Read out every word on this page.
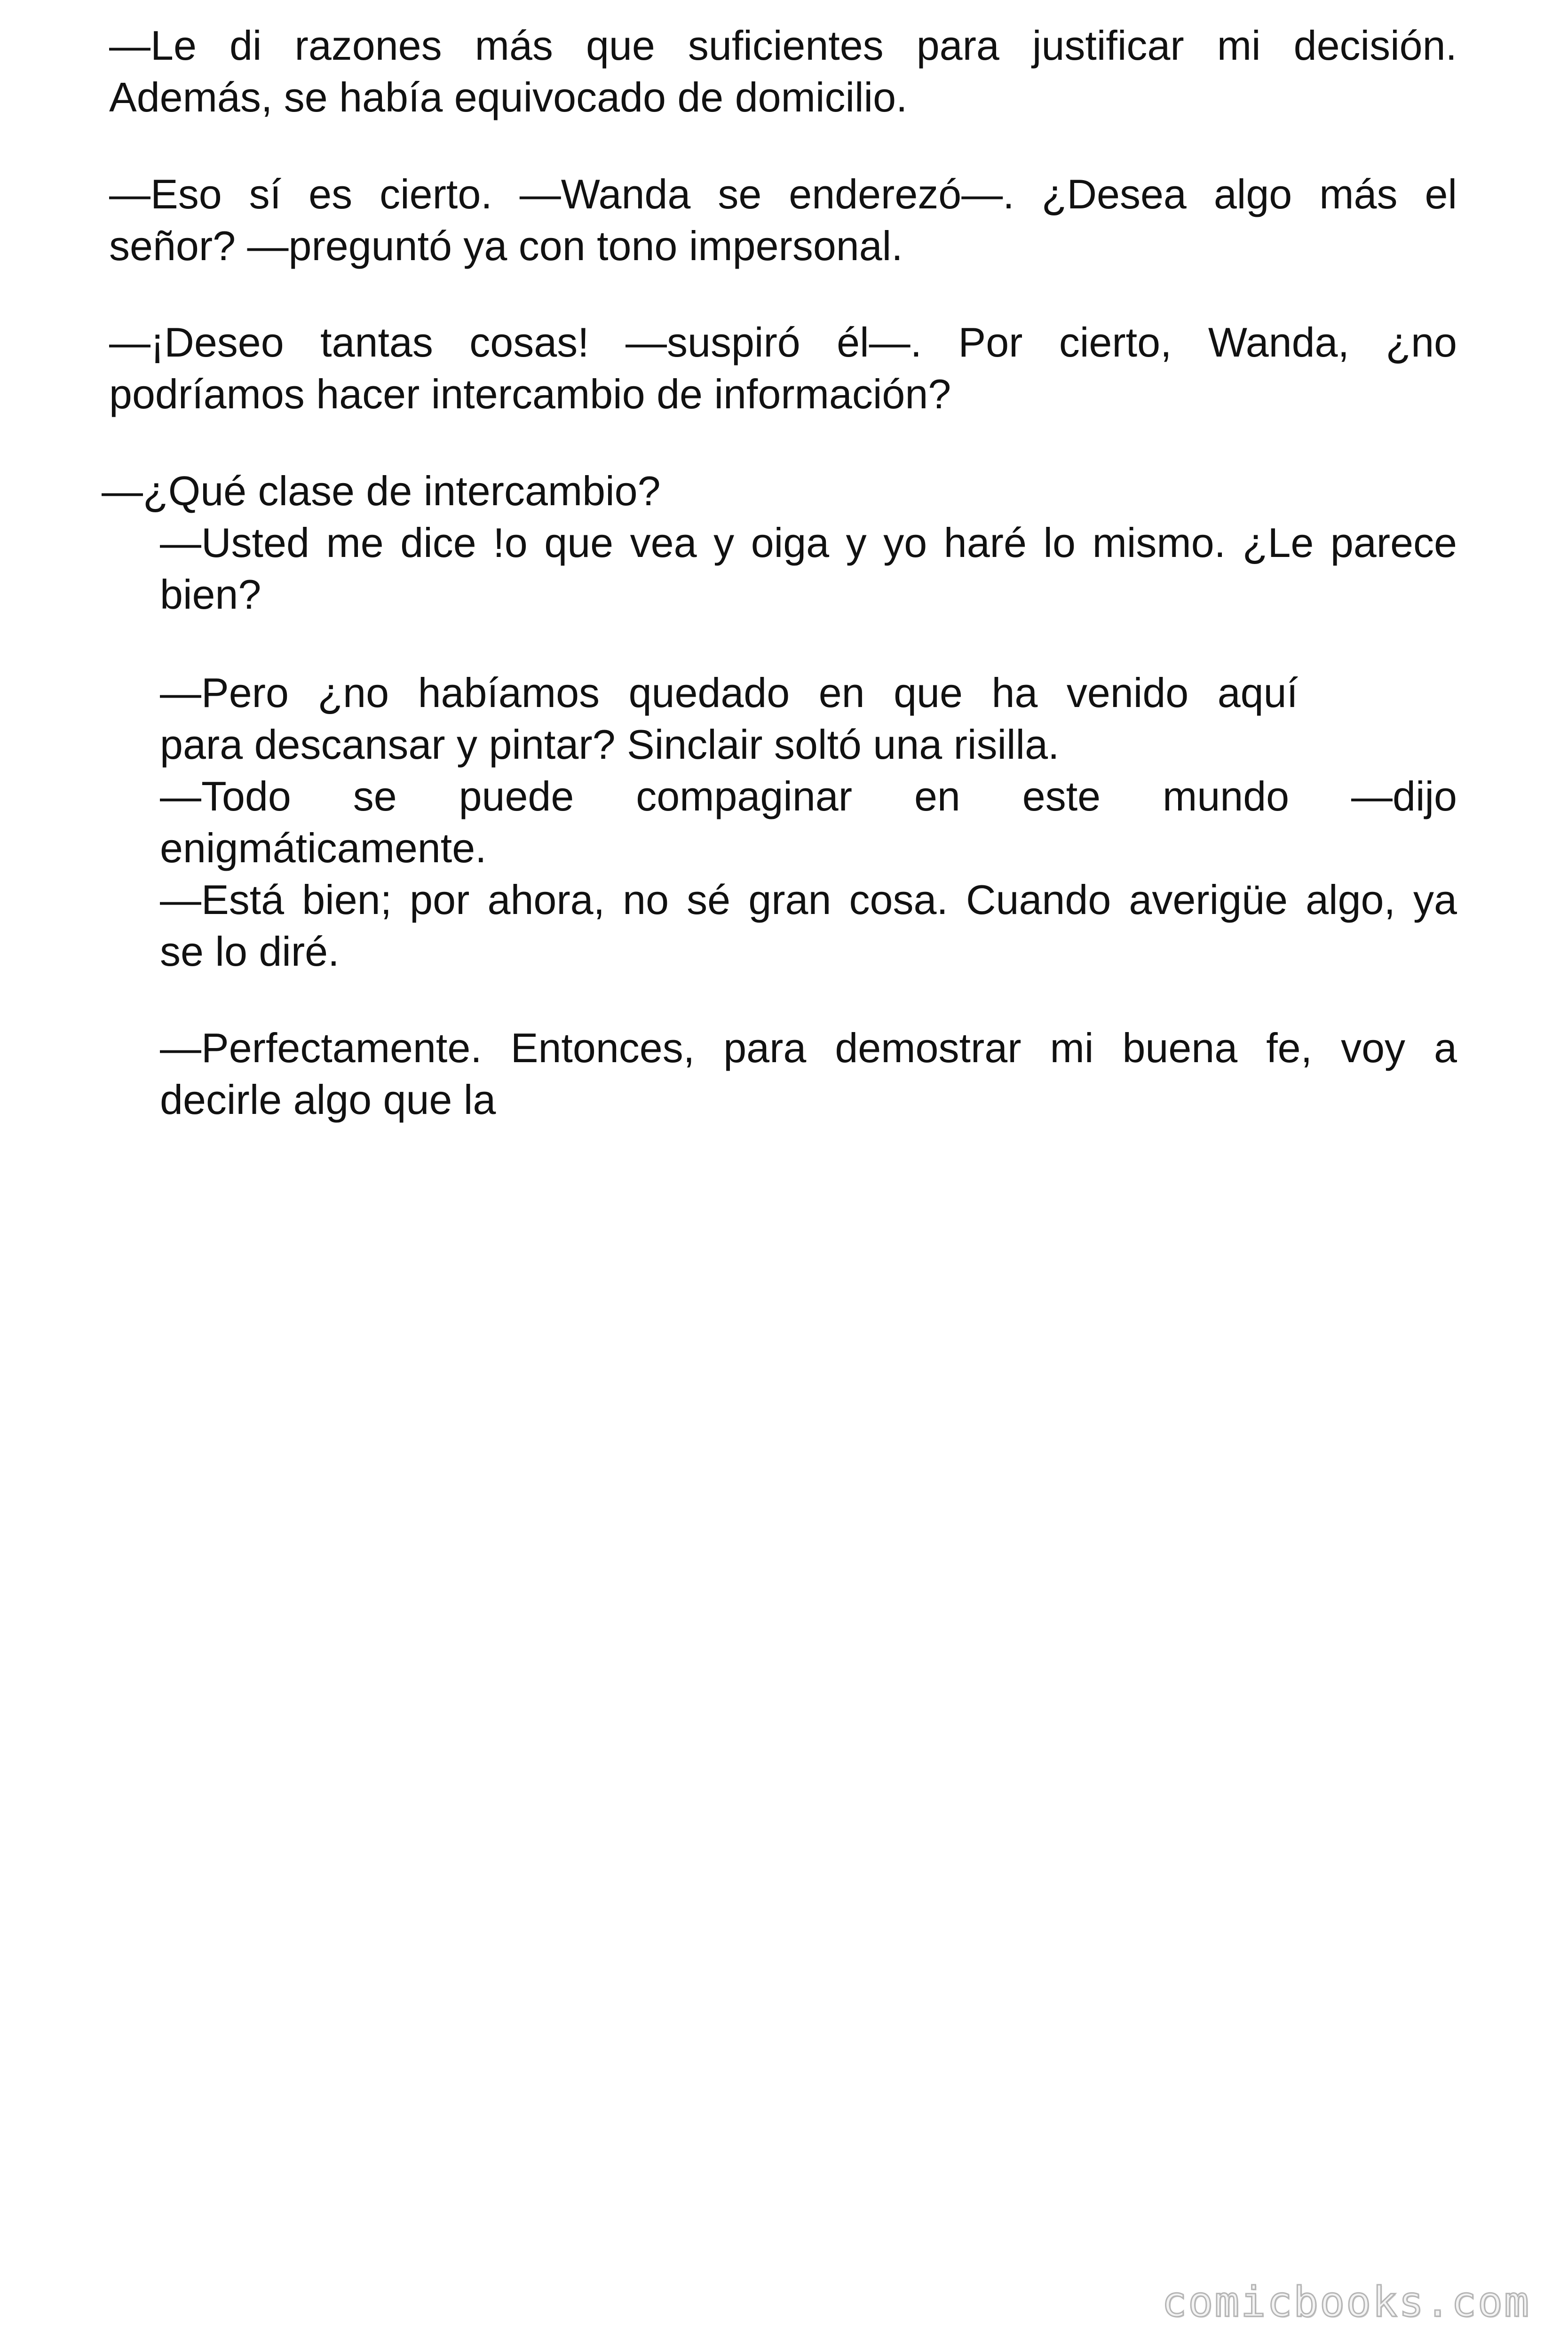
—Le di razones más que suficientes para justificar mi decisión.
Además, se había equivocado de domicilio.

—Eso sí es cierto. —Wanda se enderezó—. ¿Desea algo más el
señor? —preguntó ya con tono impersonal.

—¡Deseo tantas cosas! —suspiró él—. Por cierto, Wanda, ¿no
podríamos hacer intercambio de información?

—¿Qué clase de intercambio?

—Usted me dice !o que vea y oiga y yo haré lo mismo. ¿Le parece
bien?

—Pero ¿no habíamos quedado en que ha venido aquí
para descansar y pintar? Sinclair soltó una risilla.

—Todo se puede compaginar en este mundo —dijo
enigmáticamente.

—Está bien; por ahora, no sé gran cosa. Cuando averigüe algo, ya
se lo diré.

—Perfectamente. Entonces, para demostrar mi buena fe, voy a
decirle algo que la

comicbooks.com
